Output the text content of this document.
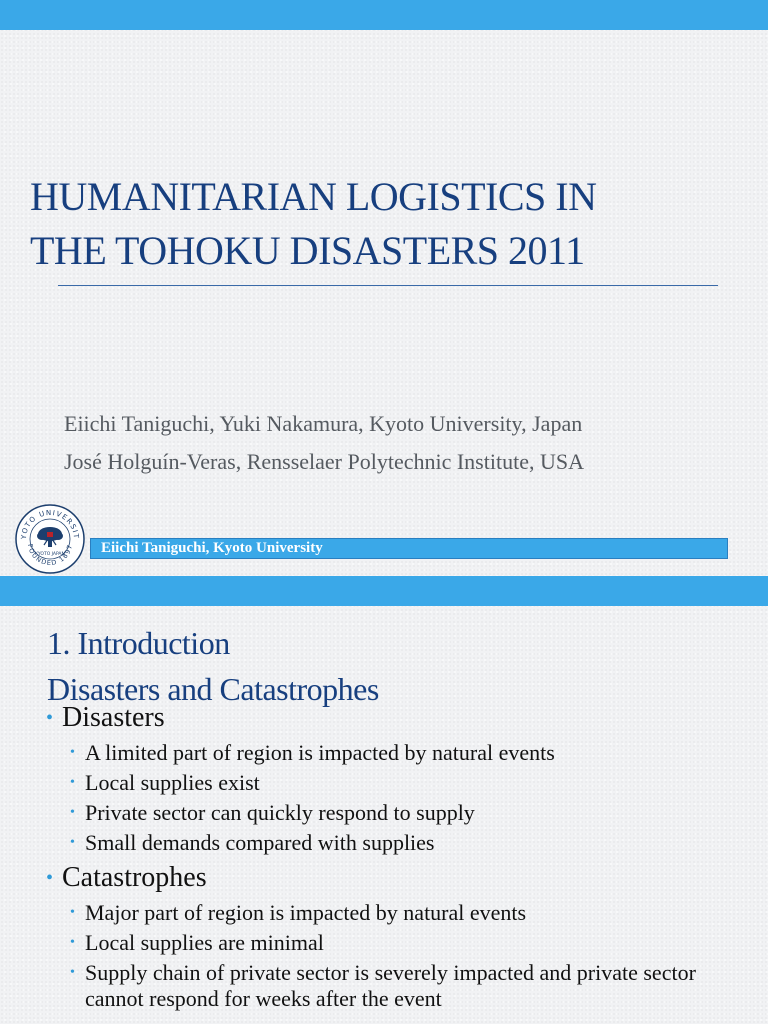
HUMANITARIAN LOGISTICS IN
THE TOHOKU DISASTERS 2011
Eiichi Taniguchi, Yuki Nakamura, Kyoto University, Japan
José Holguín-Veras, Rensselaer Polytechnic Institute, USA
YOTO UNIVERSIT
FOUNDED 1897
KYOTO JAPAN	Eiichi Taniguchi, Kyoto University
1. Introduction
Disasters and Catastrophes
• Disasters
• A limited part of region is impacted by natural events
• Local supplies exist
• Private sector can quickly respond to supply
• Small demands compared with supplies
• Catastrophes
• Major part of region is impacted by natural events
• Local supplies are minimal
• Supply chain of private sector is severely impacted and private sector cannot respond for weeks after the event
